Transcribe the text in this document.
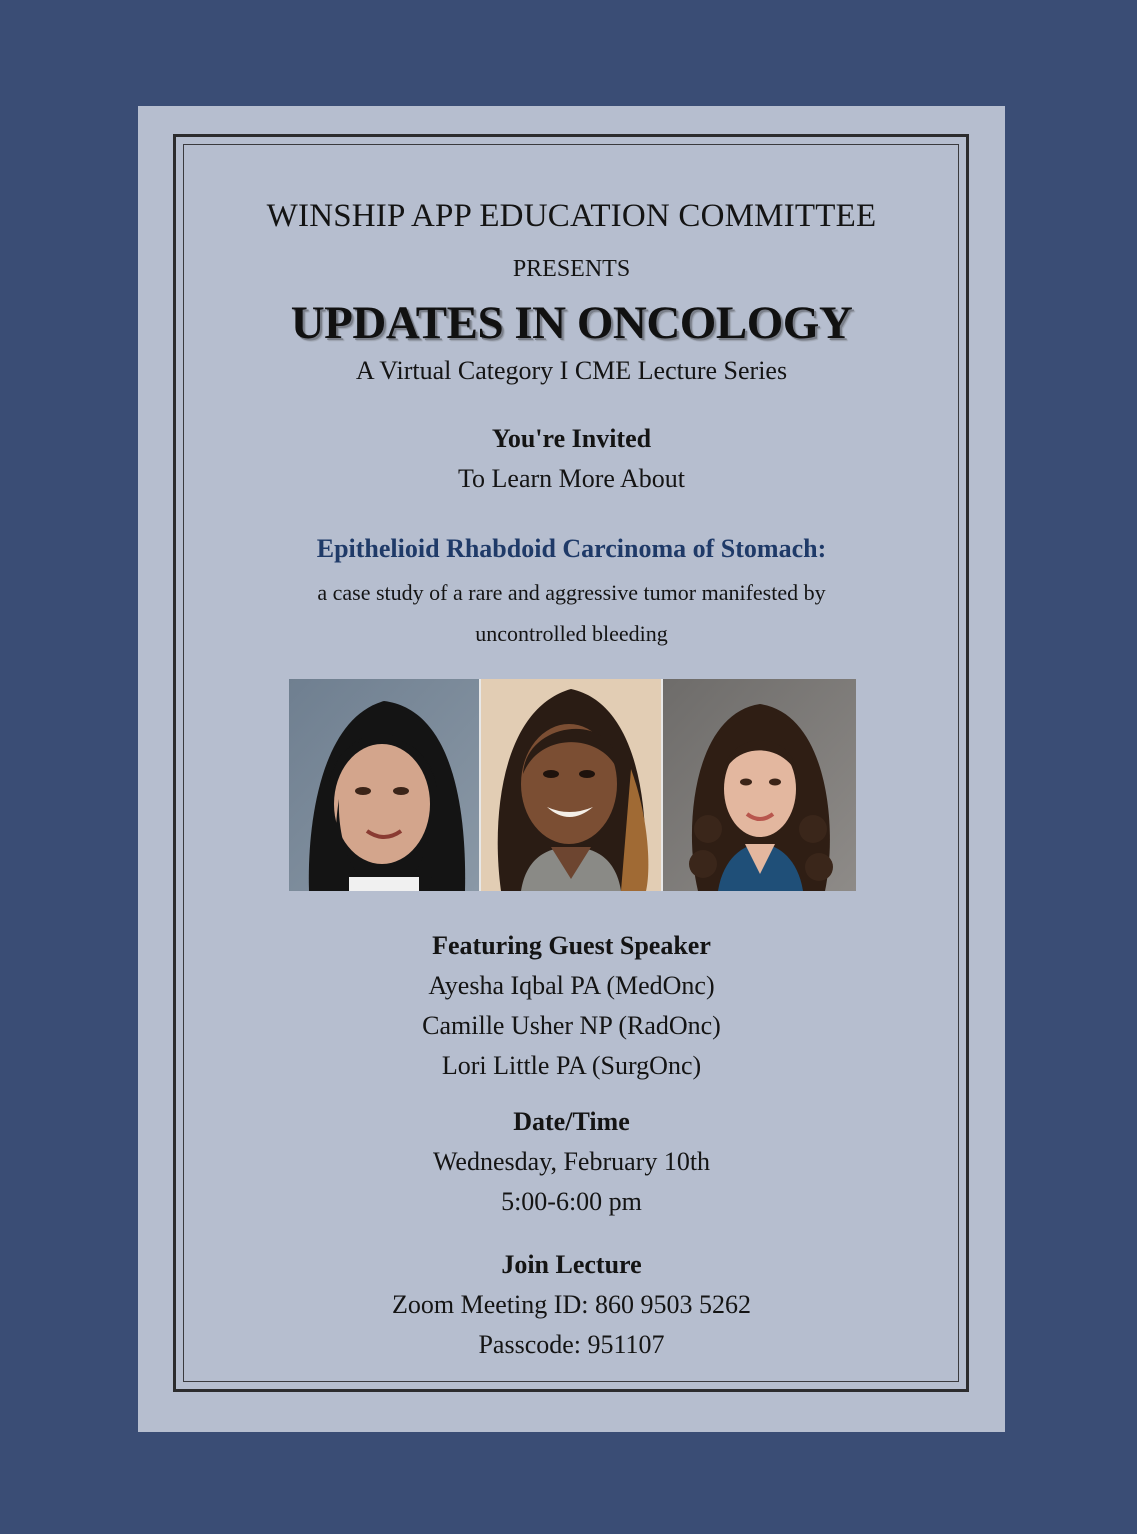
WINSHIP APP EDUCATION COMMITTEE
PRESENTS
UPDATES IN ONCOLOGY
A Virtual Category I CME Lecture Series
You're Invited
To Learn More About
Epithelioid Rhabdoid Carcinoma of Stomach:
a case study of a rare and aggressive tumor manifested by
uncontrolled bleeding
Featuring Guest Speaker
Ayesha Iqbal PA (MedOnc)
Camille Usher NP (RadOnc)
Lori Little PA (SurgOnc)
Date/Time
Wednesday, February 10th
5:00-6:00 pm
Join Lecture
Zoom Meeting ID: 860 9503 5262
Passcode: 951107
